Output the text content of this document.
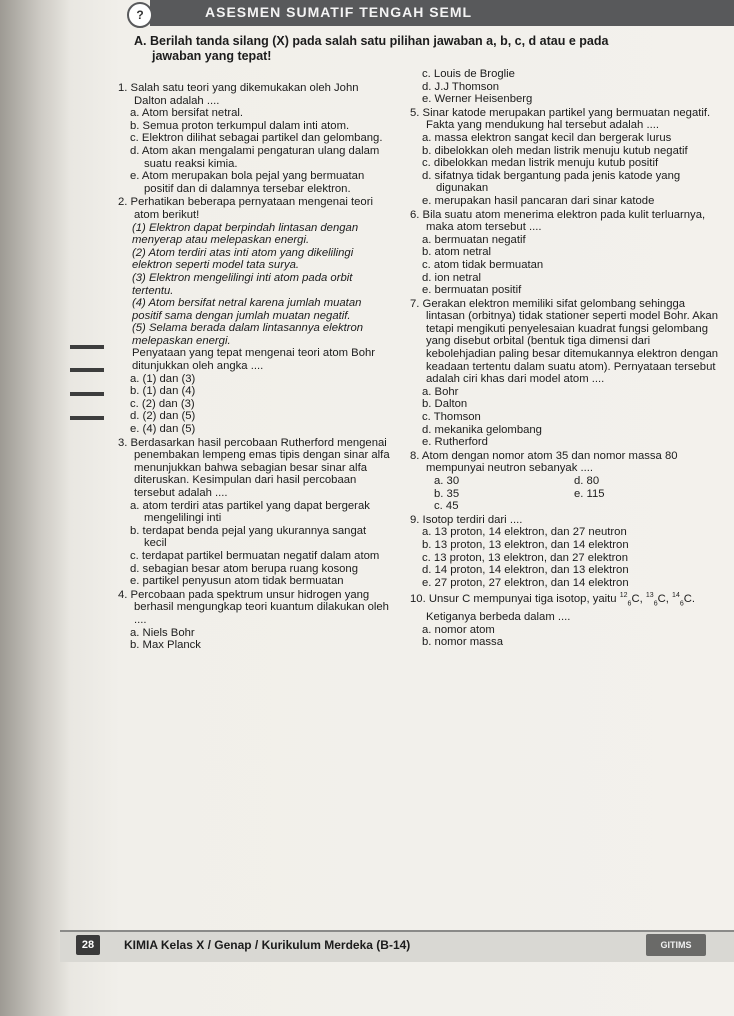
?	ASESMEN SUMATIF TENGAH SEML
A. Berilah tanda silang (X) pada salah satu pilihan jawaban a, b, c, d atau e pada
jawaban yang tepat!
1. Salah satu teori yang dikemukakan oleh John Dalton adalah ....
a. Atom bersifat netral.
b. Semua proton terkumpul dalam inti atom.
c. Elektron dilihat sebagai partikel dan gelombang.
d. Atom akan mengalami pengaturan ulang dalam suatu reaksi kimia.
e. Atom merupakan bola pejal yang bermuatan positif dan di dalamnya tersebar elektron.
2. Perhatikan beberapa pernyataan mengenai teori atom berikut!
(1) Elektron dapat berpindah lintasan dengan menyerap atau melepaskan energi.
(2) Atom terdiri atas inti atom yang dikelilingi elektron seperti model tata surya.
(3) Elektron mengelilingi inti atom pada orbit tertentu.
(4) Atom bersifat netral karena jumlah muatan positif sama dengan jumlah muatan negatif.
(5) Selama berada dalam lintasannya elektron melepaskan energi.
Penyataan yang tepat mengenai teori atom Bohr ditunjukkan oleh angka ....
a. (1) dan (3)
b. (1) dan (4)
c. (2) dan (3)
d. (2) dan (5)
e. (4) dan (5)
3. Berdasarkan hasil percobaan Rutherford mengenai penembakan lempeng emas tipis dengan sinar alfa menunjukkan bahwa sebagian besar sinar alfa diteruskan. Kesimpulan dari hasil percobaan tersebut adalah ....
a. atom terdiri atas partikel yang dapat bergerak mengelilingi inti
b. terdapat benda pejal yang ukurannya sangat kecil
c. terdapat partikel bermuatan negatif dalam atom
d. sebagian besar atom berupa ruang kosong
e. partikel penyusun atom tidak bermuatan
4. Percobaan pada spektrum unsur hidrogen yang berhasil mengungkap teori kuantum dilakukan oleh ....
a. Niels Bohr
b. Max Planck
c. Louis de Broglie
d. J.J Thomson
e. Werner Heisenberg
5. Sinar katode merupakan partikel yang bermuatan negatif. Fakta yang mendukung hal tersebut adalah ....
a. massa elektron sangat kecil dan bergerak lurus
b. dibelokkan oleh medan listrik menuju kutub negatif
c. dibelokkan medan listrik menuju kutub positif
d. sifatnya tidak bergantung pada jenis katode yang digunakan
e. merupakan hasil pancaran dari sinar katode
6. Bila suatu atom menerima elektron pada kulit terluarnya, maka atom tersebut ....
a. bermuatan negatif
b. atom netral
c. atom tidak bermuatan
d. ion netral
e. bermuatan positif
7. Gerakan elektron memiliki sifat gelombang sehingga lintasan (orbitnya) tidak stationer seperti model Bohr. Akan tetapi mengikuti penyelesaian kuadrat fungsi gelombang yang disebut orbital (bentuk tiga dimensi dari kebolehjadian paling besar ditemukannya elektron dengan keadaan tertentu dalam suatu atom). Pernyataan tersebut adalah ciri khas dari model atom ....
a. Bohr
b. Dalton
c. Thomson
d. mekanika gelombang
e. Rutherford
8. Atom dengan nomor atom 35 dan nomor massa 80 mempunyai neutron sebanyak ....
a. 30
b. 35
c. 45
d. 80
e. 115
9. Isotop terdiri dari ....
a. 13 proton, 14 elektron, dan 27 neutron
b. 13 proton, 13 elektron, dan 14 elektron
c. 13 proton, 13 elektron, dan 27 elektron
d. 14 proton, 14 elektron, dan 13 elektron
e. 27 proton, 27 elektron, dan 14 elektron
10. Unsur C mempunyai tiga isotop, yaitu $^{12}_6$C, $^{13}_6$C, $^{14}_6$C. Ketiganya berbeda dalam ....
a. nomor atom
b. nomor massa
28	KIMIA Kelas X / Genap / Kurikulum Merdeka (B-14)	GITIMS
